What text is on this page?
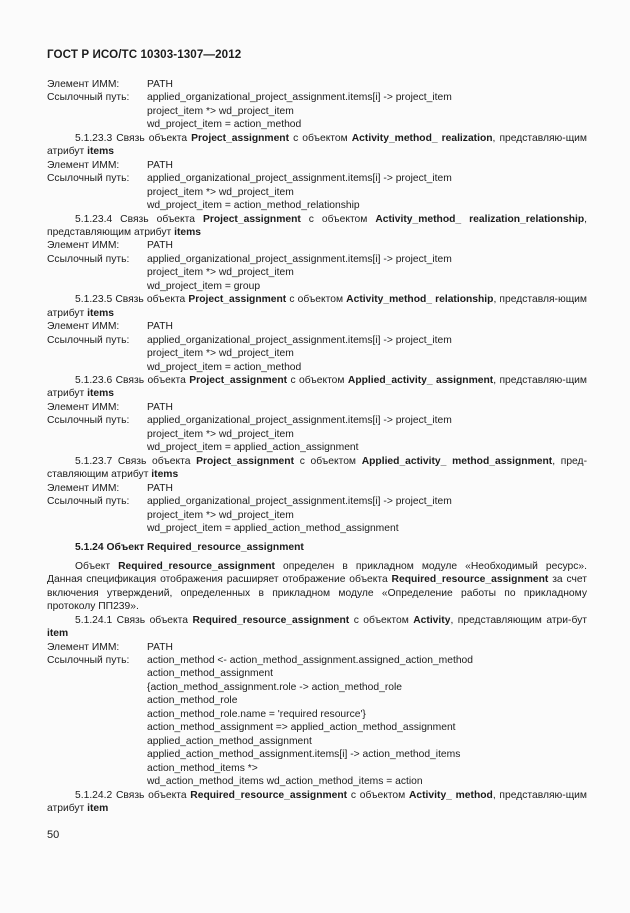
ГОСТ Р ИСО/ТС 10303-1307—2012
Элемент ИММ:	PATH
Ссылочный путь:	applied_organizational_project_assignment.items[i] -> project_item
project_item *> wd_project_item
wd_project_item = action_method
5.1.23.3 Связь объекта Project_assignment с объектом Activity_method_ realization, представляю-щим атрибут items
Элемент ИММ:	PATH
Ссылочный путь:	applied_organizational_project_assignment.items[i] -> project_item
project_item *> wd_project_item
wd_project_item = action_method_relationship
5.1.23.4 Связь объекта Project_assignment с объектом Activity_method_ realization_relationship, представляющим атрибут items
Элемент ИММ:	PATH
Ссылочный путь:	applied_organizational_project_assignment.items[i] -> project_item
project_item *> wd_project_item
wd_project_item = group
5.1.23.5 Связь объекта Project_assignment с объектом Activity_method_ relationship, представля-ющим атрибут items
Элемент ИММ:	PATH
Ссылочный путь:	applied_organizational_project_assignment.items[i] -> project_item
project_item *> wd_project_item
wd_project_item = action_method
5.1.23.6 Связь объекта Project_assignment с объектом Applied_activity_ assignment, представляю-щим атрибут items
Элемент ИММ:	PATH
Ссылочный путь:	applied_organizational_project_assignment.items[i] -> project_item
project_item *> wd_project_item
wd_project_item = applied_action_assignment
5.1.23.7 Связь объекта Project_assignment с объектом Applied_activity_ method_assignment, пред-ставляющим атрибут items
Элемент ИММ:	PATH
Ссылочный путь:	applied_organizational_project_assignment.items[i] -> project_item
project_item *> wd_project_item
wd_project_item = applied_action_method_assignment
5.1.24 Объект Required_resource_assignment
Объект Required_resource_assignment определен в прикладном модуле «Необходимый ресурс». Данная спецификация отображения расширяет отображение объекта Required_resource_assignment за счет включения утверждений, определенных в прикладном модуле «Определение работы по прикладному протоколу ПП239».
5.1.24.1 Связь объекта Required_resource_assignment с объектом Activity, представляющим атри-бут item
Элемент ИММ:	PATH
Ссылочный путь:	action_method <- action_method_assignment.assigned_action_method
action_method_assignment
{action_method_assignment.role -> action_method_role
action_method_role
action_method_role.name = 'required resource'}
action_method_assignment => applied_action_method_assignment
applied_action_method_assignment
applied_action_method_assignment.items[i] -> action_method_items
action_method_items *>
wd_action_method_items wd_action_method_items = action
5.1.24.2 Связь объекта Required_resource_assignment с объектом Activity_ method, представляю-щим атрибут item
50
